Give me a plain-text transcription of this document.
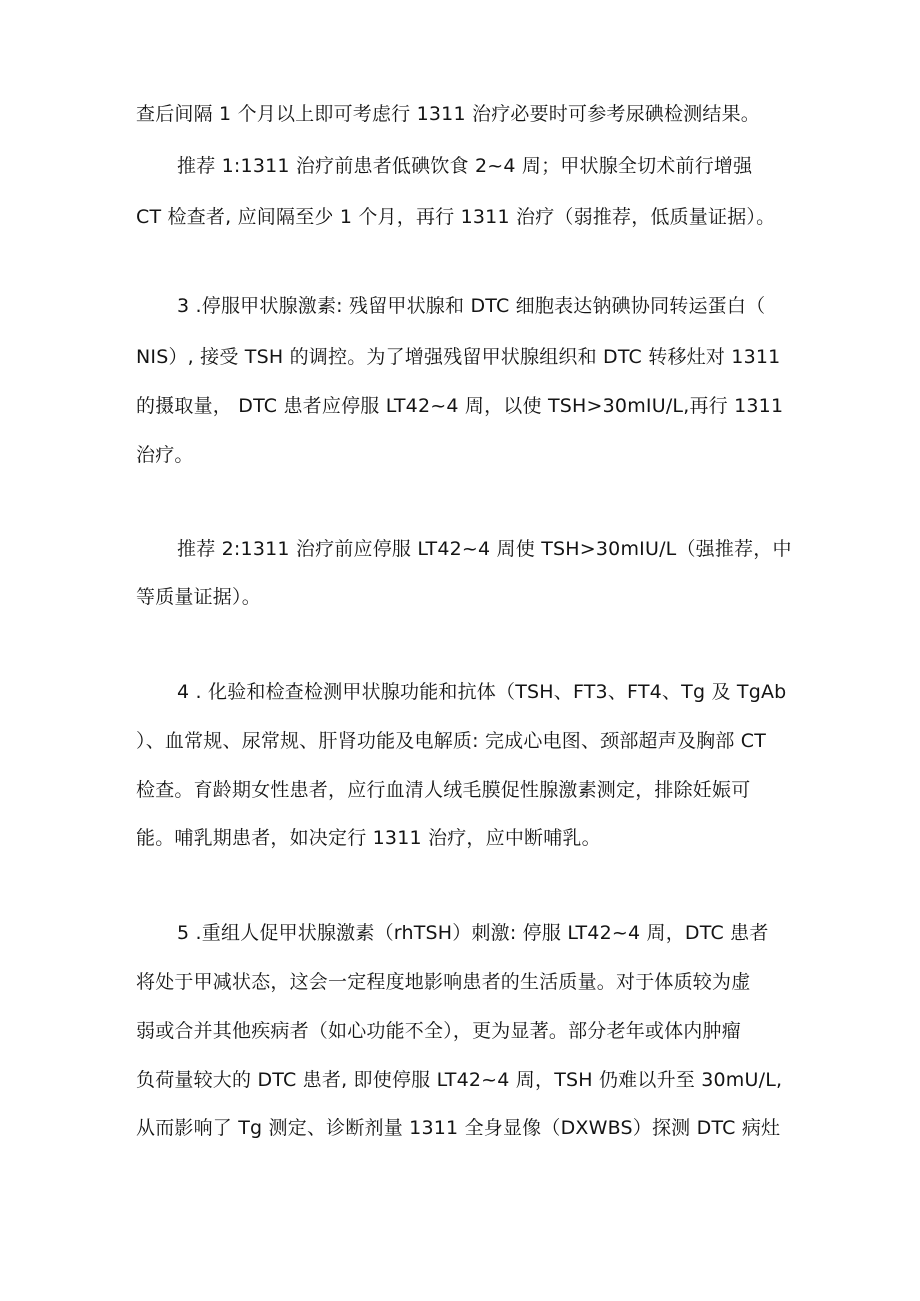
查后间隔 1 个月以上即可考虑行 1311 治疗必要时可参考尿碘检测结果。

推荐 1:1311 治疗前患者低碘饮食 2~4 周；甲状腺全切术前行增强

CT 检查者, 应间隔至少 1 个月，再行 1311 治疗（弱推荐，低质量证据）。

3 .停服甲状腺激素: 残留甲状腺和 DTC 细胞表达钠碘协同转运蛋白（

NIS）, 接受 TSH 的调控。为了增强残留甲状腺组织和 DTC 转移灶对 1311

的摄取量， DTC 患者应停服 LT42~4 周，以使 TSH>30mIU/L,再行 1311

治疗。

推荐 2:1311 治疗前应停服 LT42~4 周使 TSH>30mIU/L（强推荐，中

等质量证据）。

4 . 化验和检查检测甲状腺功能和抗体（TSH、FT3、FT4、Tg 及 TgAb

）、血常规、尿常规、肝肾功能及电解质: 完成心电图、颈部超声及胸部 CT

检查。育龄期女性患者，应行血清人绒毛膜促性腺激素测定，排除妊娠可

能。哺乳期患者，如决定行 1311 治疗，应中断哺乳。

5 .重组人促甲状腺激素（rhTSH）刺激: 停服 LT42~4 周，DTC 患者

将处于甲减状态，这会一定程度地影响患者的生活质量。对于体质较为虚

弱或合并其他疾病者（如心功能不全），更为显著。部分老年或体内肿瘤

负荷量较大的 DTC 患者, 即使停服 LT42~4 周，TSH 仍难以升至 30mU/L,

从而影响了 Tg 测定、诊断剂量 1311 全身显像（DXWBS）探测 DTC 病灶
